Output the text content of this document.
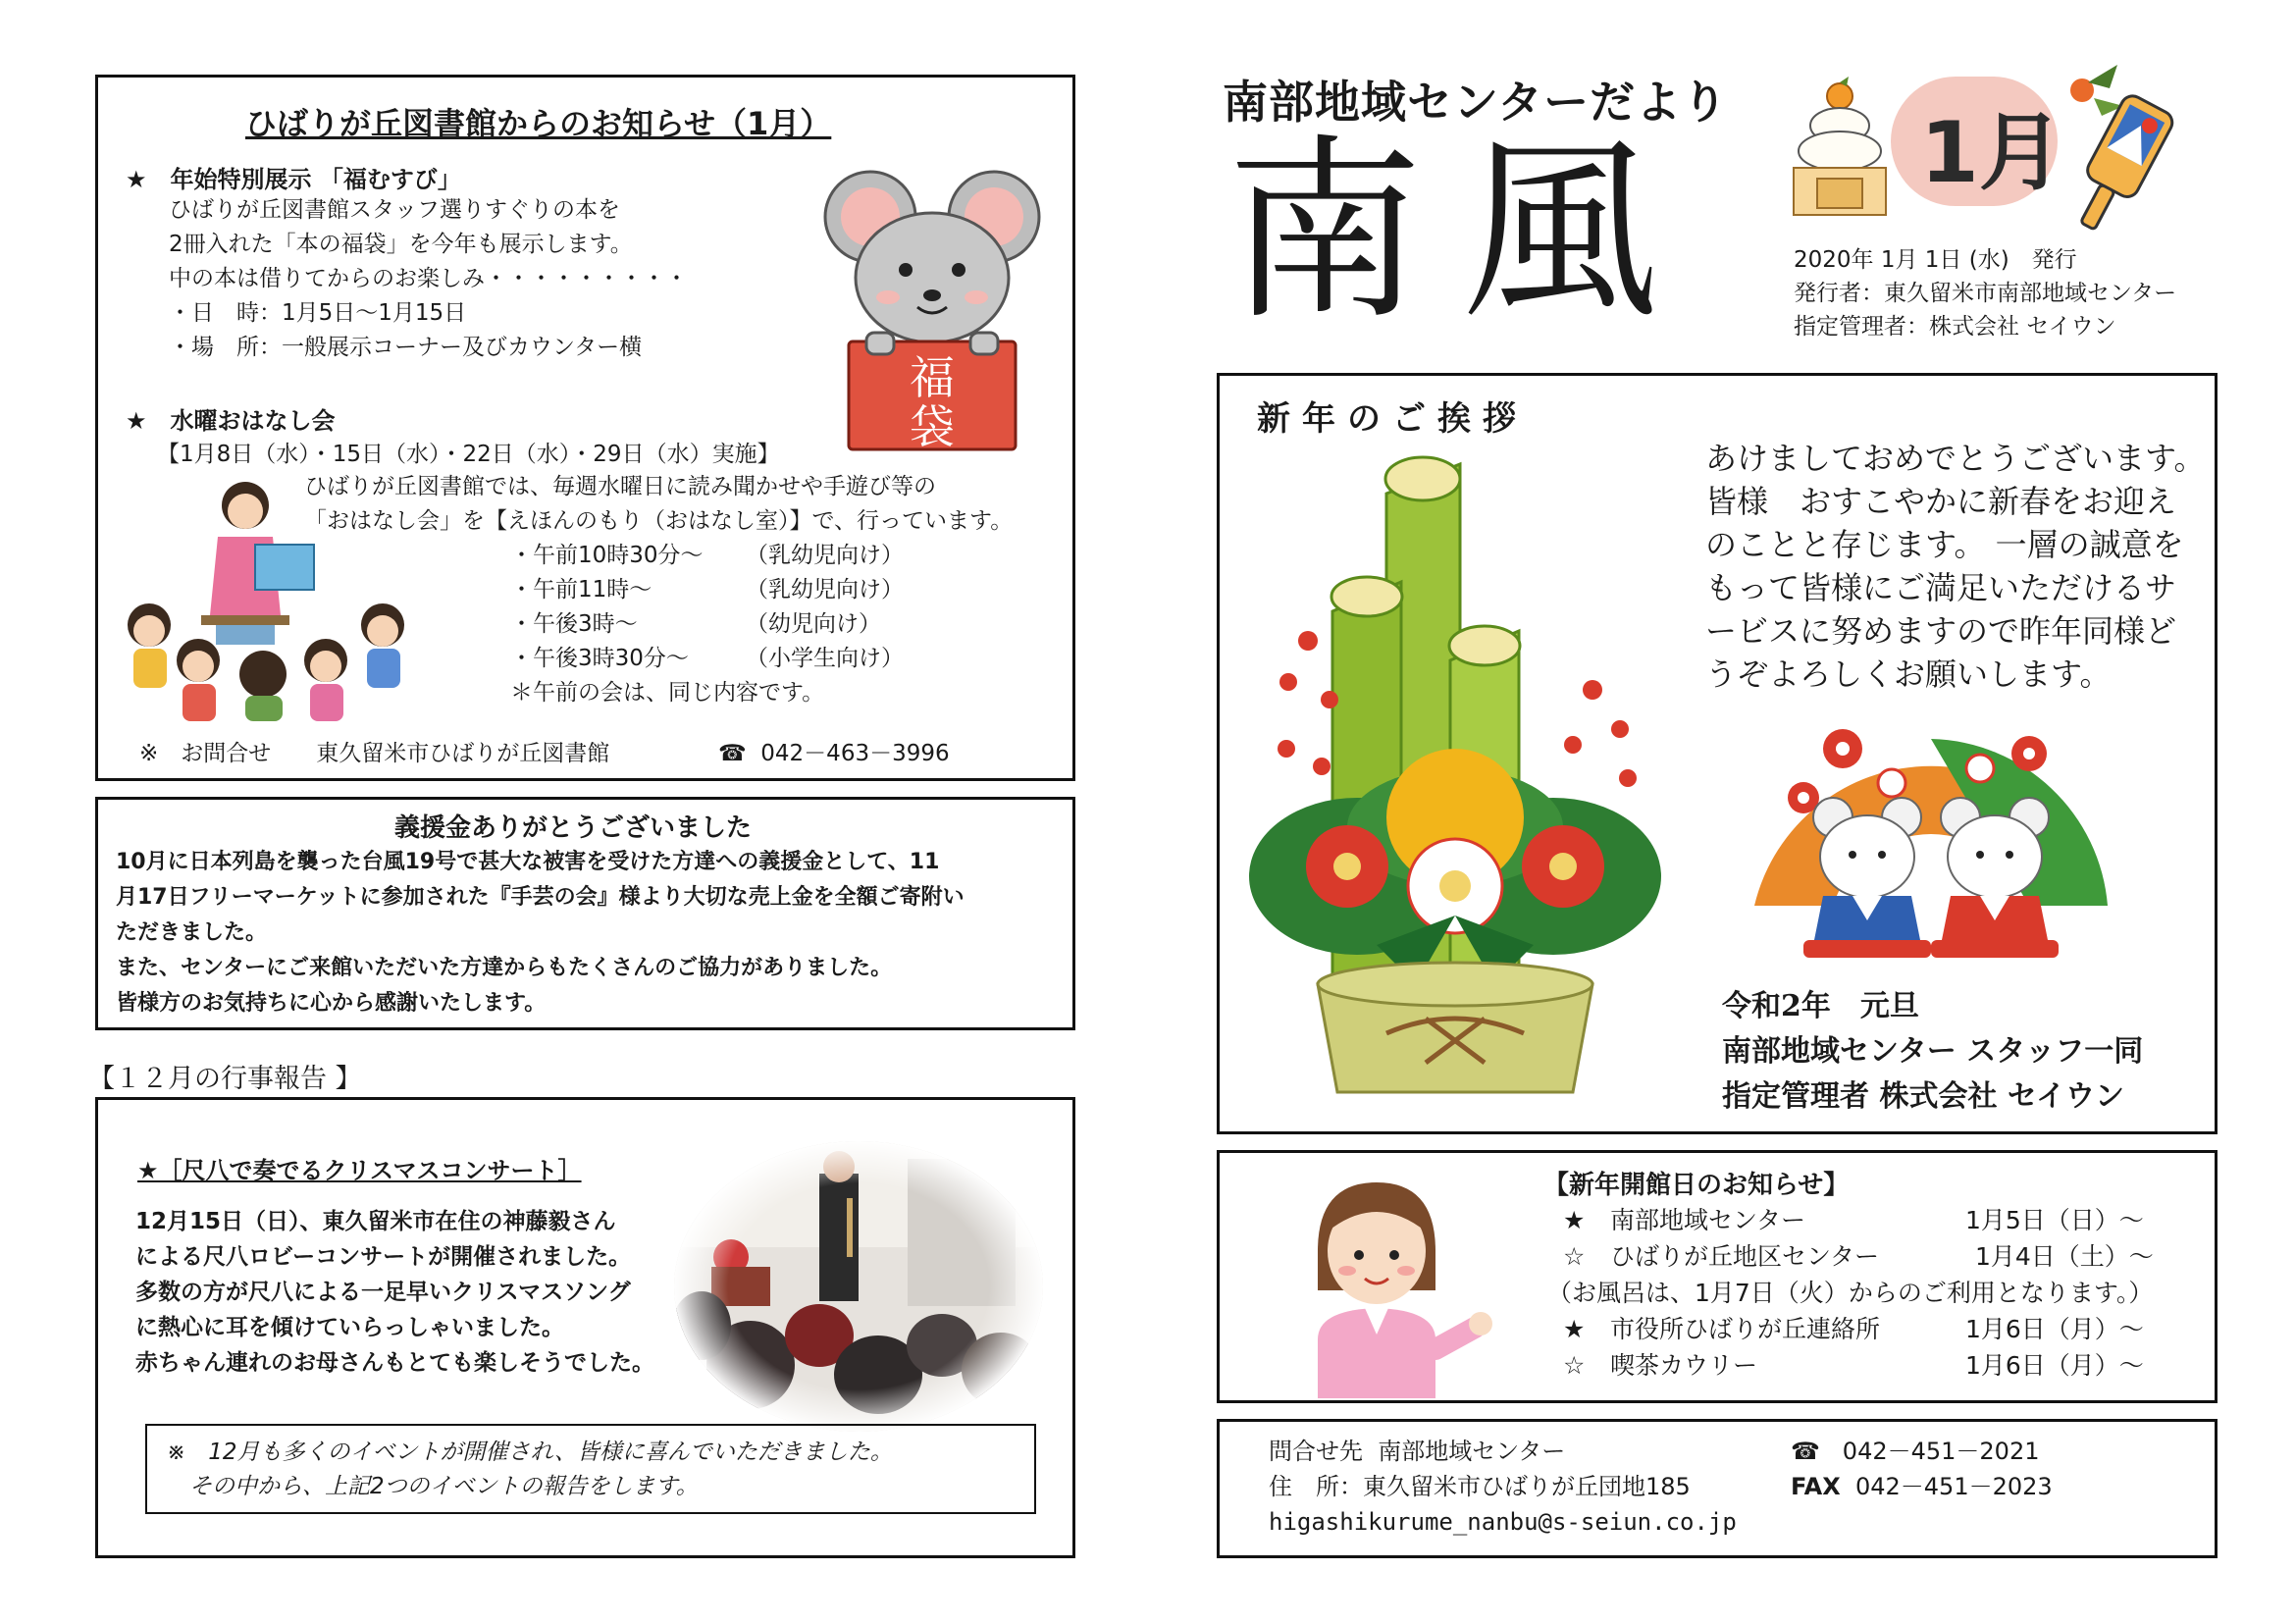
ひばりが丘図書館からのお知らせ（1月）
★　年始特別展示 「福むすび」
ひばりが丘図書館スタッフ選りすぐりの本を
2冊入れた「本の福袋」を今年も展示します。
中の本は借りてからのお楽しみ・・・・・・・・・
・日　時：1月5日～1月15日
・場　所：一般展示コーナー及びカウンター横
福
袋
★　水曜おはなし会
【1月8日（水）・15日（水）・22日（水）・29日（水）実施】
ひばりが丘図書館では、毎週水曜日に読み聞かせや手遊び等の
「おはなし会」を【えほんのもり（おはなし室）】で、行っています。
・午前10時30分～ （乳幼児向け）
・午前11時～	（乳幼児向け）
・午後3時～	（幼児向け）
・午後3時30分～	（小学生向け）
＊午前の会は、同じ内容です。
※　お問合せ　　東久留米市ひばりが丘図書館	☎ 042－463－3996
義援金ありがとうございました
10月に日本列島を襲った台風19号で甚大な被害を受けた方達への義援金として、11
月17日フリーマーケットに参加された『手芸の会』様より大切な売上金を全額ご寄附い
ただきました。
また、センターにご来館いただいた方達からもたくさんのご協力がありました。
皆様方のお気持ちに心から感謝いたします。
【１２月の行事報告 】
★［尺八で奏でるクリスマスコンサート］
12月15日（日）、東久留米市在住の神藤毅さん
による尺八ロビーコンサートが開催されました。
多数の方が尺八による一足早いクリスマスソング
に熱心に耳を傾けていらっしゃいました。
赤ちゃん連れのお母さんもとても楽しそうでした。
※　12月も多くのイベントが開催され、皆様に喜んでいただきました。
　その中から、上記2つのイベントの報告をします。
南部地域センターだより
南風	1月
2020年 1月 1日 (水)　発行
発行者：東久留米市南部地域センター
指定管理者：株式会社 セイウン
新年のご挨拶
あけましておめでとうございます。
皆様　おすこやかに新春をお迎え
のことと存じます。 一層の誠意を
もって皆様にご満足いただけるサ
ービスに努めますので昨年同様ど
うぞよろしくお願いします。
令和2年　元旦
南部地域センター スタッフ一同
指定管理者 株式会社 セイウン
【新年開館日のお知らせ】
★ 南部地域センター	1月5日（日）～
☆ ひばりが丘地区センター	1月4日（土）～
（お風呂は、1月7日（火）からのご利用となります。）
★ 市役所ひばりが丘連絡所	1月6日（月）～
☆ 喫茶カウリー	1月6日（月）～
問合せ先 南部地域センター
住　所：東久留米市ひばりが丘団地185
higashikurume_nanbu@s-seiun.co.jp
☎ 042－451－2021
FAX 042－451－2023
